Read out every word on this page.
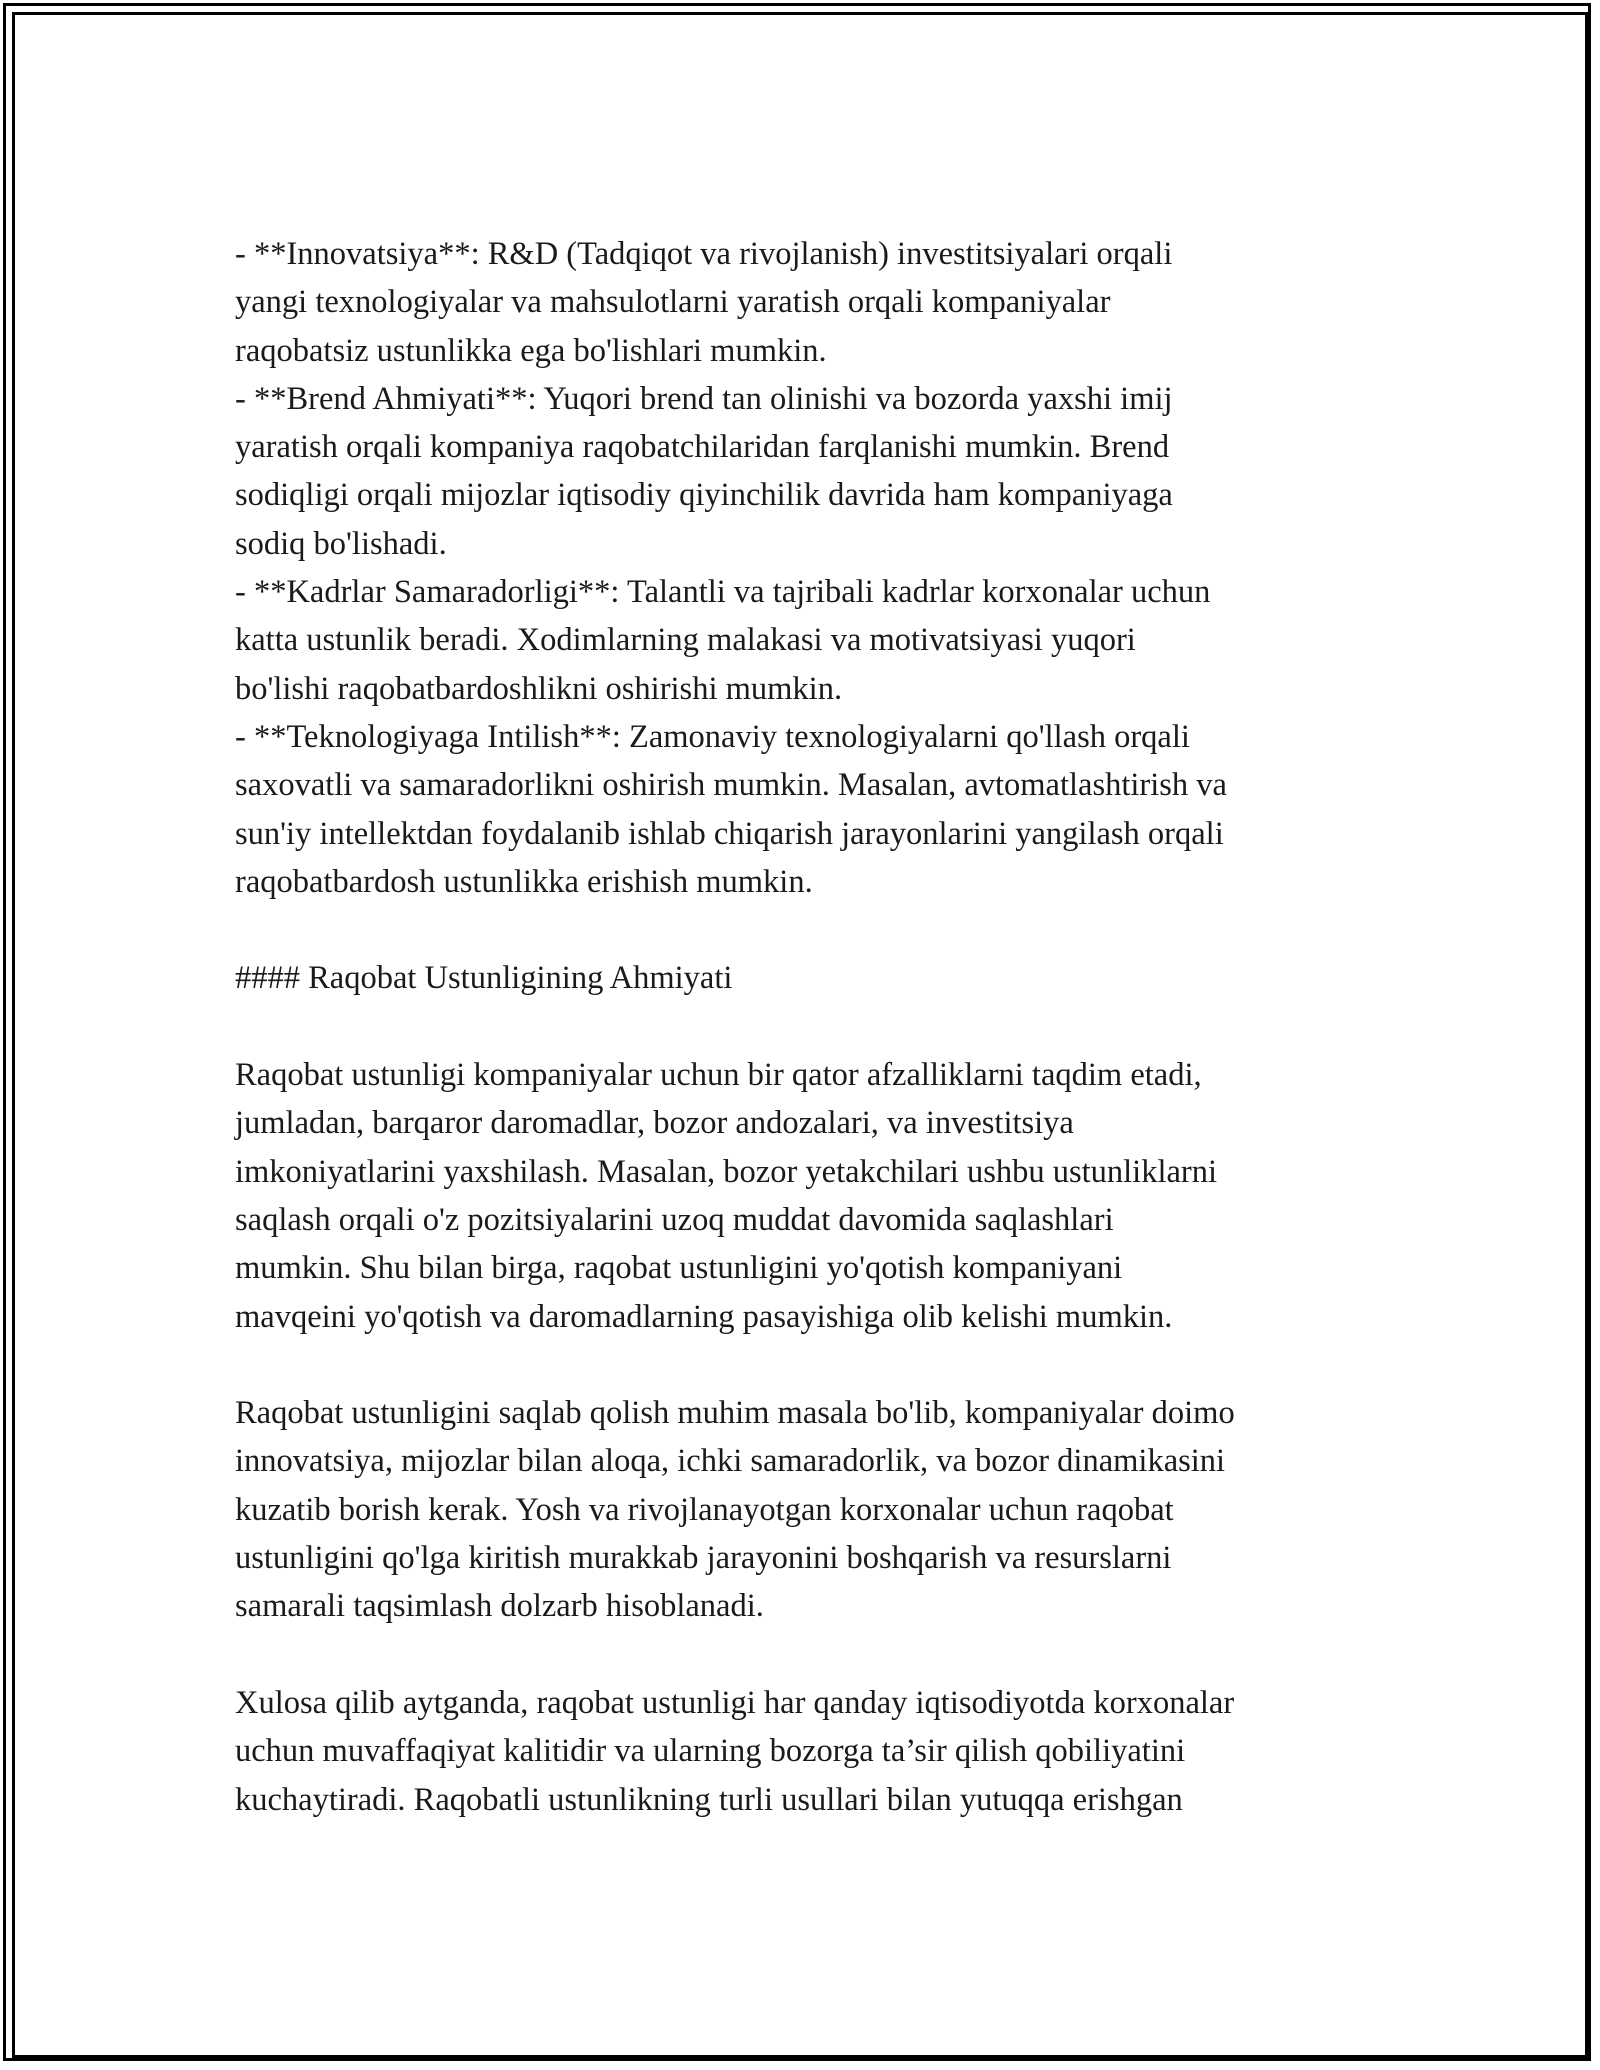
- **Innovatsiya**: R&D (Tadqiqot va rivojlanish) investitsiyalari orqali
yangi texnologiyalar va mahsulotlarni yaratish orqali kompaniyalar
raqobatsiz ustunlikka ega bo'lishlari mumkin.

- **Brend Ahmiyati**: Yuqori brend tan olinishi va bozorda yaxshi imij
yaratish orqali kompaniya raqobatchilaridan farqlanishi mumkin. Brend
sodiqligi orqali mijozlar iqtisodiy qiyinchilik davrida ham kompaniyaga
sodiq bo'lishadi.

- **Kadrlar Samaradorligi**: Talantli va tajribali kadrlar korxonalar uchun
katta ustunlik beradi. Xodimlarning malakasi va motivatsiyasi yuqori
bo'lishi raqobatbardoshlikni oshirishi mumkin.

- **Teknologiyaga Intilish**: Zamonaviy texnologiyalarni qo'llash orqali
saxovatli va samaradorlikni oshirish mumkin. Masalan, avtomatlashtirish va
sun'iy intellektdan foydalanib ishlab chiqarish jarayonlarini yangilash orqali
raqobatbardosh ustunlikka erishish mumkin.

#### Raqobat Ustunligining Ahmiyati

Raqobat ustunligi kompaniyalar uchun bir qator afzalliklarni taqdim etadi,
jumladan, barqaror daromadlar, bozor andozalari, va investitsiya
imkoniyatlarini yaxshilash. Masalan, bozor yetakchilari ushbu ustunliklarni
saqlash orqali o'z pozitsiyalarini uzoq muddat davomida saqlashlari
mumkin. Shu bilan birga, raqobat ustunligini yo'qotish kompaniyani
mavqeini yo'qotish va daromadlarning pasayishiga olib kelishi mumkin.

Raqobat ustunligini saqlab qolish muhim masala bo'lib, kompaniyalar doimo
innovatsiya, mijozlar bilan aloqa, ichki samaradorlik, va bozor dinamikasini
kuzatib borish kerak. Yosh va rivojlanayotgan korxonalar uchun raqobat
ustunligini qo'lga kiritish murakkab jarayonini boshqarish va resurslarni
samarali taqsimlash dolzarb hisoblanadi.

Xulosa qilib aytganda, raqobat ustunligi har qanday iqtisodiyotda korxonalar
uchun muvaffaqiyat kalitidir va ularning bozorga ta’sir qilish qobiliyatini
kuchaytiradi. Raqobatli ustunlikning turli usullari bilan yutuqqa erishgan
